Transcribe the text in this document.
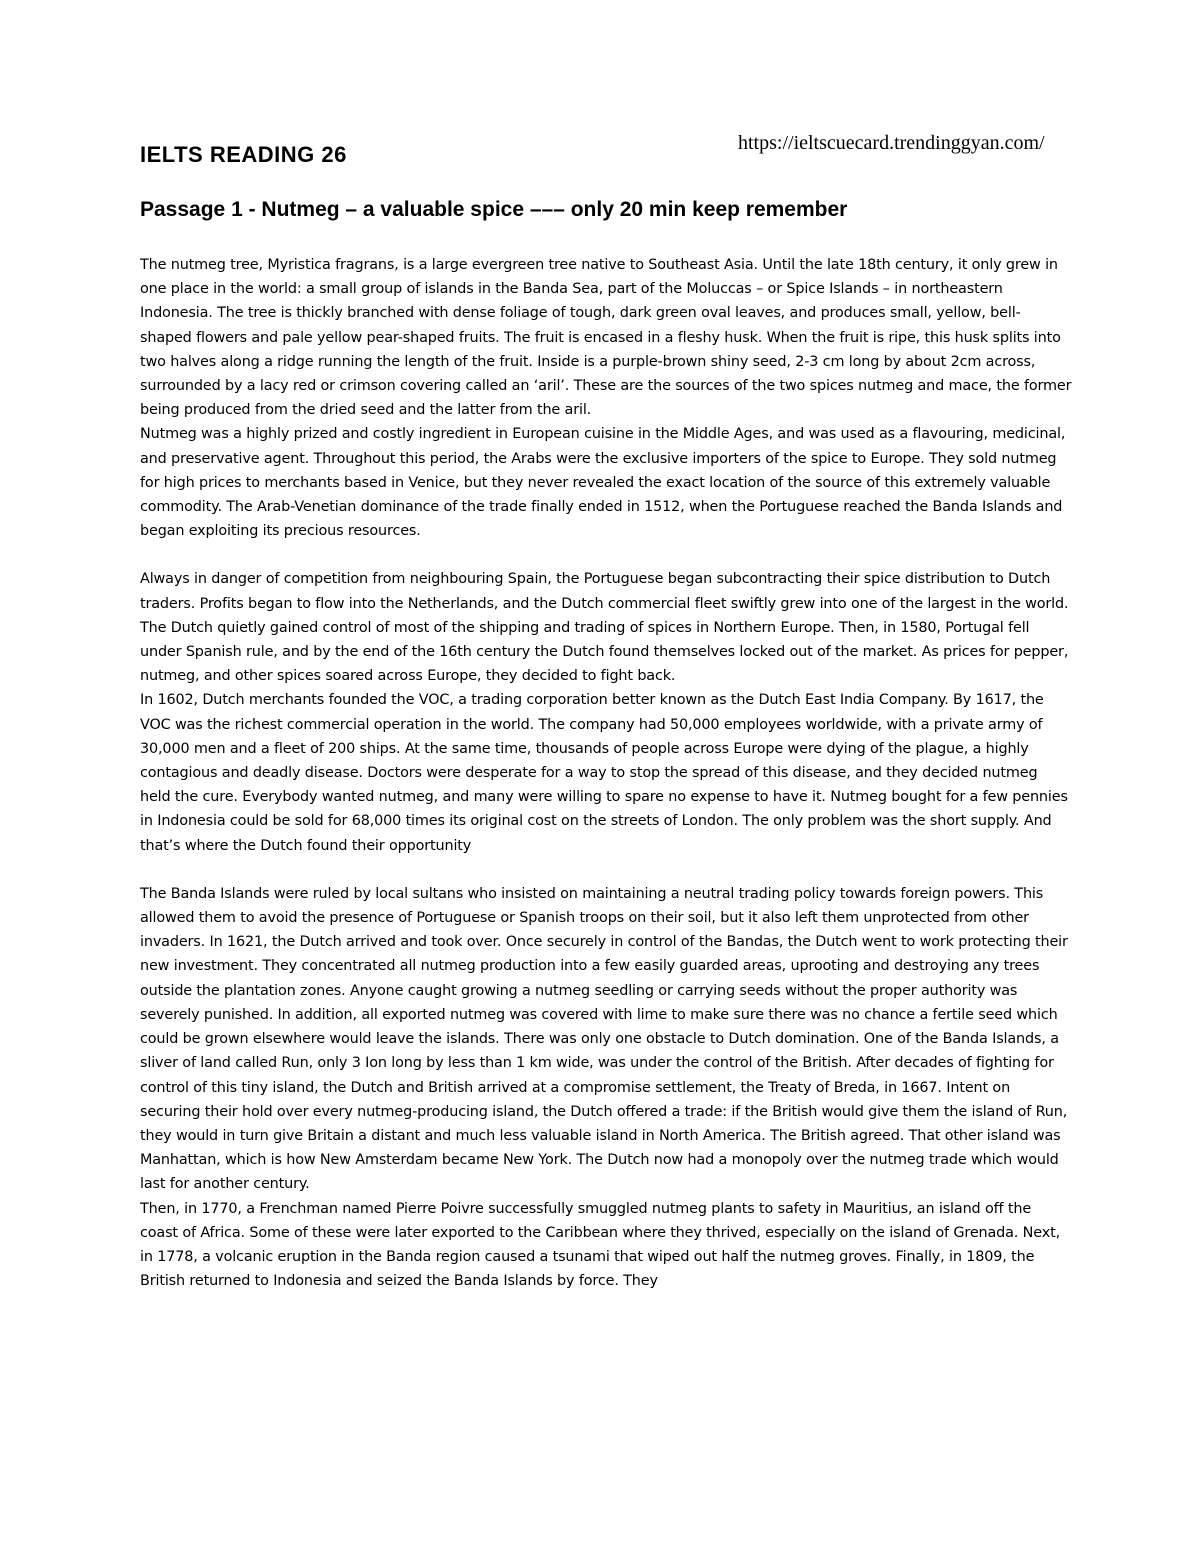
IELTS READING 26	https://ieltscuecard.trendinggyan.com/
Passage 1 - Nutmeg – a valuable spice ––– only 20 min keep remember

The nutmeg tree, Myristica fragrans, is a large evergreen tree native to Southeast Asia. Until the late 18th century, it only grew in one place in the world: a small group of islands in the Banda Sea, part of the Moluccas – or Spice Islands – in northeastern Indonesia. The tree is thickly branched with dense foliage of tough, dark green oval leaves, and produces small, yellow, bell-shaped flowers and pale yellow pear-shaped fruits. The fruit is encased in a fleshy husk. When the fruit is ripe, this husk splits into two halves along a ridge running the length of the fruit. Inside is a purple-brown shiny seed, 2-3 cm long by about 2cm across, surrounded by a lacy red or crimson covering called an ‘aril’. These are the sources of the two spices nutmeg and mace, the former being produced from the dried seed and the latter from the aril.

Nutmeg was a highly prized and costly ingredient in European cuisine in the Middle Ages, and was used as a flavouring, medicinal, and preservative agent. Throughout this period, the Arabs were the exclusive importers of the spice to Europe. They sold nutmeg for high prices to merchants based in Venice, but they never revealed the exact location of the source of this extremely valuable commodity. The Arab-Venetian dominance of the trade finally ended in 1512, when the Portuguese reached the Banda Islands and began exploiting its precious resources.

Always in danger of competition from neighbouring Spain, the Portuguese began subcontracting their spice distribution to Dutch traders. Profits began to flow into the Netherlands, and the Dutch commercial fleet swiftly grew into one of the largest in the world. The Dutch quietly gained control of most of the shipping and trading of spices in Northern Europe. Then, in 1580, Portugal fell under Spanish rule, and by the end of the 16th century the Dutch found themselves locked out of the market. As prices for pepper, nutmeg, and other spices soared across Europe, they decided to fight back.

In 1602, Dutch merchants founded the VOC, a trading corporation better known as the Dutch East India Company. By 1617, the VOC was the richest commercial operation in the world. The company had 50,000 employees worldwide, with a private army of 30,000 men and a fleet of 200 ships. At the same time, thousands of people across Europe were dying of the plague, a highly contagious and deadly disease. Doctors were desperate for a way to stop the spread of this disease, and they decided nutmeg held the cure. Everybody wanted nutmeg, and many were willing to spare no expense to have it. Nutmeg bought for a few pennies in Indonesia could be sold for 68,000 times its original cost on the streets of London. The only problem was the short supply. And that’s where the Dutch found their opportunity

The Banda Islands were ruled by local sultans who insisted on maintaining a neutral trading policy towards foreign powers. This allowed them to avoid the presence of Portuguese or Spanish troops on their soil, but it also left them unprotected from other invaders. In 1621, the Dutch arrived and took over. Once securely in control of the Bandas, the Dutch went to work protecting their new investment. They concentrated all nutmeg production into a few easily guarded areas, uprooting and destroying any trees outside the plantation zones. Anyone caught growing a nutmeg seedling or carrying seeds without the proper authority was severely punished. In addition, all exported nutmeg was covered with lime to make sure there was no chance a fertile seed which could be grown elsewhere would leave the islands. There was only one obstacle to Dutch domination. One of the Banda Islands, a sliver of land called Run, only 3 Ion long by less than 1 km wide, was under the control of the British. After decades of fighting for control of this tiny island, the Dutch and British arrived at a compromise settlement, the Treaty of Breda, in 1667. Intent on securing their hold over every nutmeg-producing island, the Dutch offered a trade: if the British would give them the island of Run, they would in turn give Britain a distant and much less valuable island in North America. The British agreed. That other island was Manhattan, which is how New Amsterdam became New York. The Dutch now had a monopoly over the nutmeg trade which would last for another century.

Then, in 1770, a Frenchman named Pierre Poivre successfully smuggled nutmeg plants to safety in Mauritius, an island off the coast of Africa. Some of these were later exported to the Caribbean where they thrived, especially on the island of Grenada. Next, in 1778, a volcanic eruption in the Banda region caused a tsunami that wiped out half the nutmeg groves. Finally, in 1809, the British returned to Indonesia and seized the Banda Islands by force. They
